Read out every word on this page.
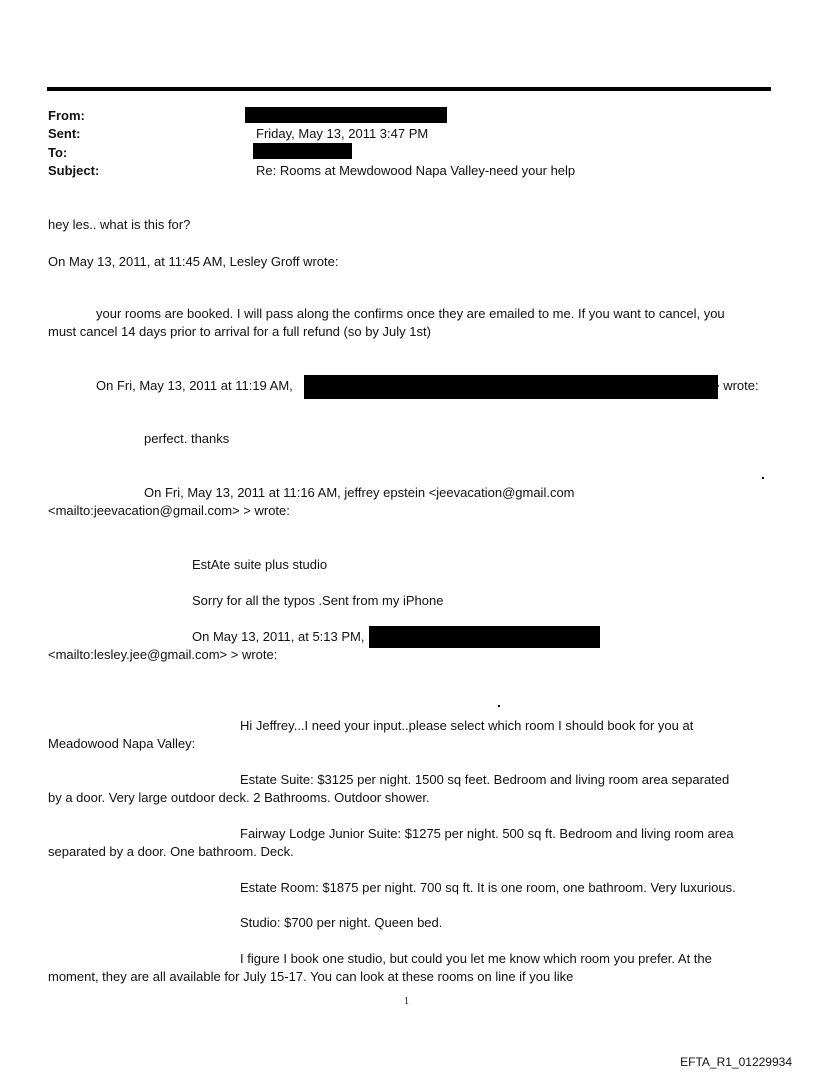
From:
Sent:	Friday, May 13, 2011 3:47 PM
To:
Subject:	Re: Rooms at Mewdowood Napa Valley-need your help
hey les.. what is this for?
On May 13, 2011, at 11:45 AM, Lesley Groff wrote:
your rooms are booked. I will pass along the confirms once they are emailed to me. If you want to cancel, you
must cancel 14 days prior to arrival for a full refund (so by July 1st)
On Fri, May 13, 2011 at 11:19 AM,	> wrote:
perfect. thanks
On Fri, May 13, 2011 at 11:16 AM, jeffrey epstein <jeevacation@gmail.com
<mailto:jeevacation@gmail.com> > wrote:
EstAte suite plus studio
Sorry for all the typos .Sent from my iPhone
On May 13, 2011, at 5:13 PM,
<mailto:lesley.jee@gmail.com> > wrote:
Hi Jeffrey...I need your input..please select which room I should book for you at
Meadowood Napa Valley:
Estate Suite: $3125 per night. 1500 sq feet. Bedroom and living room area separated
by a door. Very large outdoor deck. 2 Bathrooms. Outdoor shower.
Fairway Lodge Junior Suite: $1275 per night. 500 sq ft. Bedroom and living room area
separated by a door. One bathroom. Deck.
Estate Room: $1875 per night. 700 sq ft. It is one room, one bathroom. Very luxurious.
Studio: $700 per night. Queen bed.
I figure I book one studio, but could you let me know which room you prefer. At the
moment, they are all available for July 15-17. You can look at these rooms on line if you like
1
EFTA_R1_01229934
